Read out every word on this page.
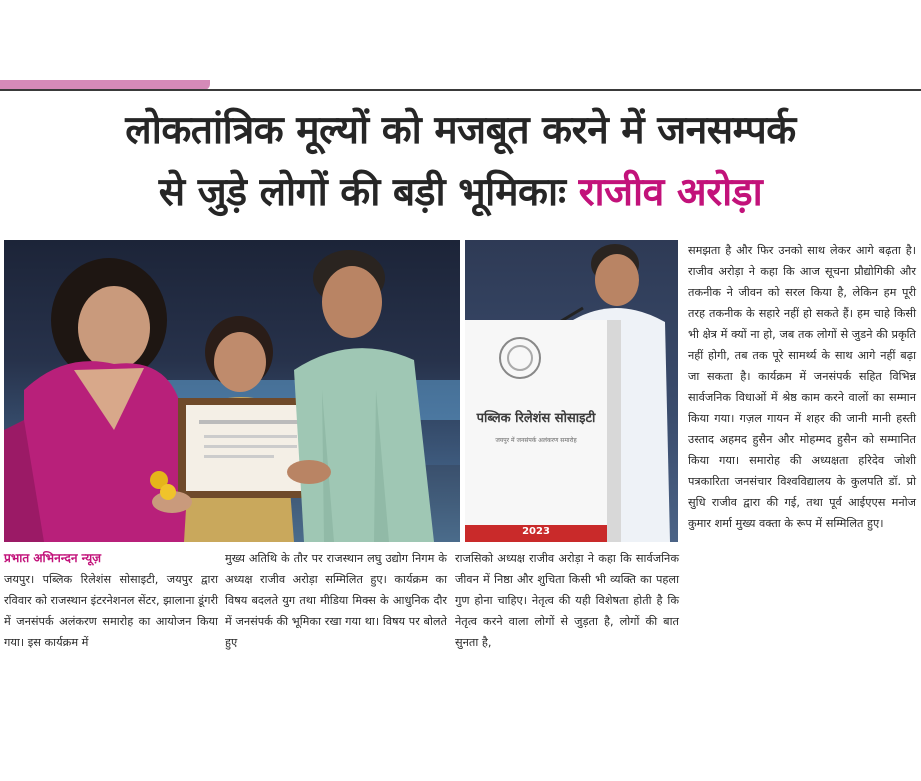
लोकतांत्रिक मूल्यों को मजबूत करने में जनसम्पर्क
से जुड़े लोगों की बड़ी भूमिकाः राजीव अरोड़ा
पब्लिक रिलेशंस सोसाइटी
जयपुर में जनसंपर्क अलंकरण समारोह
2023

प्रभात अभिनन्दन न्यूज़

जयपुर। पब्लिक रिलेशंस सोसाइटी, जयपुर द्वारा रविवार को राजस्थान इंटरनेशनल सेंटर, झालाना डूंगरी में जनसंपर्क अलंकरण समारोह का आयोजन किया गया। इस कार्यक्रम में

मुख्य अतिथि के तौर पर राजस्थान लघु उद्योग निगम के अध्यक्ष राजीव अरोड़ा सम्मिलित हुए। कार्यक्रम का विषय बदलते युग तथा मीडिया मिक्स के आधुनिक दौर में जनसंपर्क की भूमिका रखा गया था। विषय पर बोलते हुए

राजसिको अध्यक्ष राजीव अरोड़ा ने कहा कि सार्वजनिक जीवन में निष्ठा और शुचिता किसी भी व्यक्ति का पहला गुण होना चाहिए। नेतृत्व की यही विशेषता होती है कि नेतृत्व करने वाला लोगों से जुड़ता है, लोगों की बात सुनता है,

समझता है और फिर उनको साथ लेकर आगे बढ़ता है। राजीव अरोड़ा ने कहा कि आज सूचना प्रौद्योगिकी और तकनीक ने जीवन को सरल किया है, लेकिन हम पूरी तरह तकनीक के सहारे नहीं हो सकते हैं। हम चाहे किसी भी क्षेत्र में क्यों ना हो, जब तक लोगों से जुडने की प्रकृति नहीं होगी, तब तक पूरे सामर्थ्य के साथ आगे नहीं बढ़ा जा सकता है। कार्यक्रम में जनसंपर्क सहित विभिन्न सार्वजनिक विधाओं में श्रेष्ठ काम करने वालों का सम्मान किया गया। गज़ल गायन में शहर की जानी मानी हस्ती उस्ताद अहमद हुसैन और मोहम्मद हुसैन को सम्मानित किया गया। समारोह की अध्यक्षता हरिदेव जोशी पत्रकारिता जनसंचार विश्वविद्यालय के कुलपति डॉ. प्रो सुधि राजीव द्वारा की गई, तथा पूर्व आईएएस मनोज कुमार शर्मा मुख्य वक्ता के रूप में सम्मिलित हुए।
